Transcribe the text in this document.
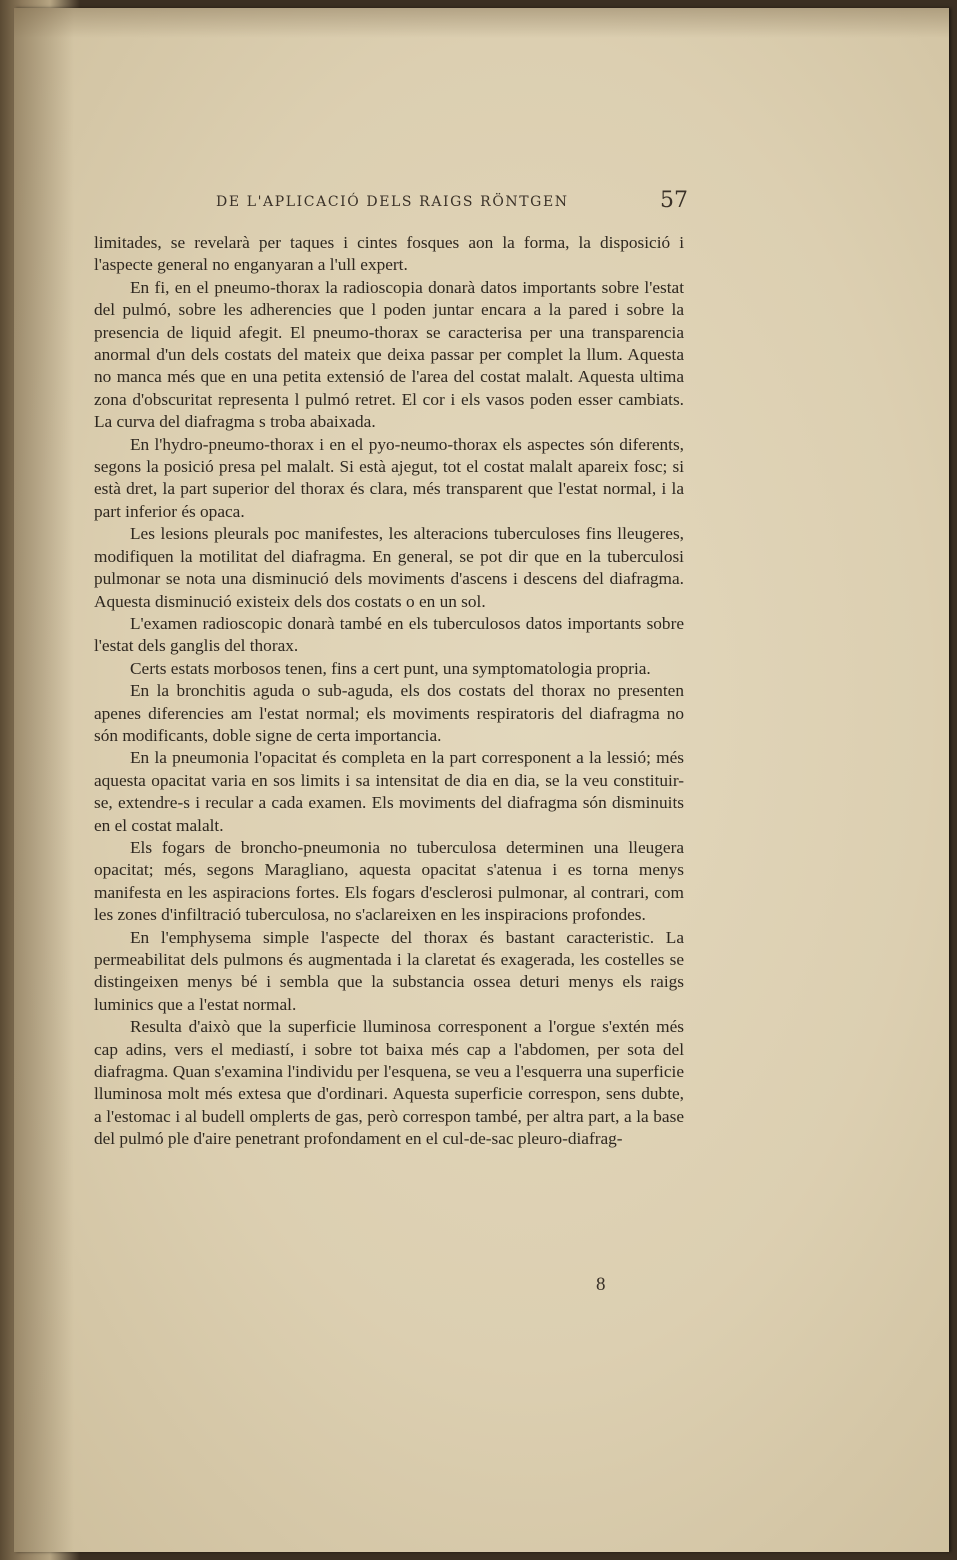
DE L'APLICACIÓ DELS RAIGS RÖNTGEN	57

limitades, se revelarà per taques i cintes fosques aon la forma, la disposició i l'aspecte general no enganyaran a l'ull expert.

En fi, en el pneumo-thorax la radioscopia donarà datos importants sobre l'estat del pulmó, sobre les adherencies que l poden juntar encara a la pared i sobre la presencia de liquid afegit. El pneumo-thorax se caracterisa per una transparencia anormal d'un dels costats del mateix que deixa passar per complet la llum. Aquesta no manca més que en una petita extensió de l'area del costat malalt. Aquesta ultima zona d'obscuritat representa l pulmó retret. El cor i els vasos poden esser cambiats. La curva del diafragma s troba abaixada.

En l'hydro-pneumo-thorax i en el pyo-neumo-thorax els aspectes són diferents, segons la posició presa pel malalt. Si està ajegut, tot el costat malalt apareix fosc; si està dret, la part superior del thorax és clara, més transparent que l'estat normal, i la part inferior és opaca.

Les lesions pleurals poc manifestes, les alteracions tuberculoses fins lleugeres, modifiquen la motilitat del diafragma. En general, se pot dir que en la tuberculosi pulmonar se nota una disminució dels moviments d'ascens i descens del diafragma. Aquesta disminució existeix dels dos costats o en un sol.

L'examen radioscopic donarà també en els tuberculosos datos importants sobre l'estat dels ganglis del thorax.

Certs estats morbosos tenen, fins a cert punt, una symptomatologia propria.

En la bronchitis aguda o sub-aguda, els dos costats del thorax no presenten apenes diferencies am l'estat normal; els moviments respiratoris del diafragma no són modificants, doble signe de certa importancia.

En la pneumonia l'opacitat és completa en la part corresponent a la lessió; més aquesta opacitat varia en sos limits i sa intensitat de dia en dia, se la veu constituir-se, extendre-s i recular a cada examen. Els moviments del diafragma són disminuits en el costat malalt.

Els fogars de broncho-pneumonia no tuberculosa determinen una lleugera opacitat; més, segons Maragliano, aquesta opacitat s'atenua i es torna menys manifesta en les aspiracions fortes. Els fogars d'esclerosi pulmonar, al contrari, com les zones d'infiltració tuberculosa, no s'aclareixen en les inspiracions profondes.

En l'emphysema simple l'aspecte del thorax és bastant caracteristic. La permeabilitat dels pulmons és augmentada i la claretat és exagerada, les costelles se distingeixen menys bé i sembla que la substancia ossea deturi menys els raigs luminics que a l'estat normal.

Resulta d'això que la superficie lluminosa corresponent a l'orgue s'extén més cap adins, vers el mediastí, i sobre tot baixa més cap a l'abdomen, per sota del diafragma. Quan s'examina l'individu per l'esquena, se veu a l'esquerra una superficie lluminosa molt més extesa que d'ordinari. Aquesta superficie correspon, sens dubte, a l'estomac i al budell omplerts de gas, però correspon també, per altra part, a la base del pulmó ple d'aire penetrant profondament en el cul-de-sac pleuro-diafrag-

8
